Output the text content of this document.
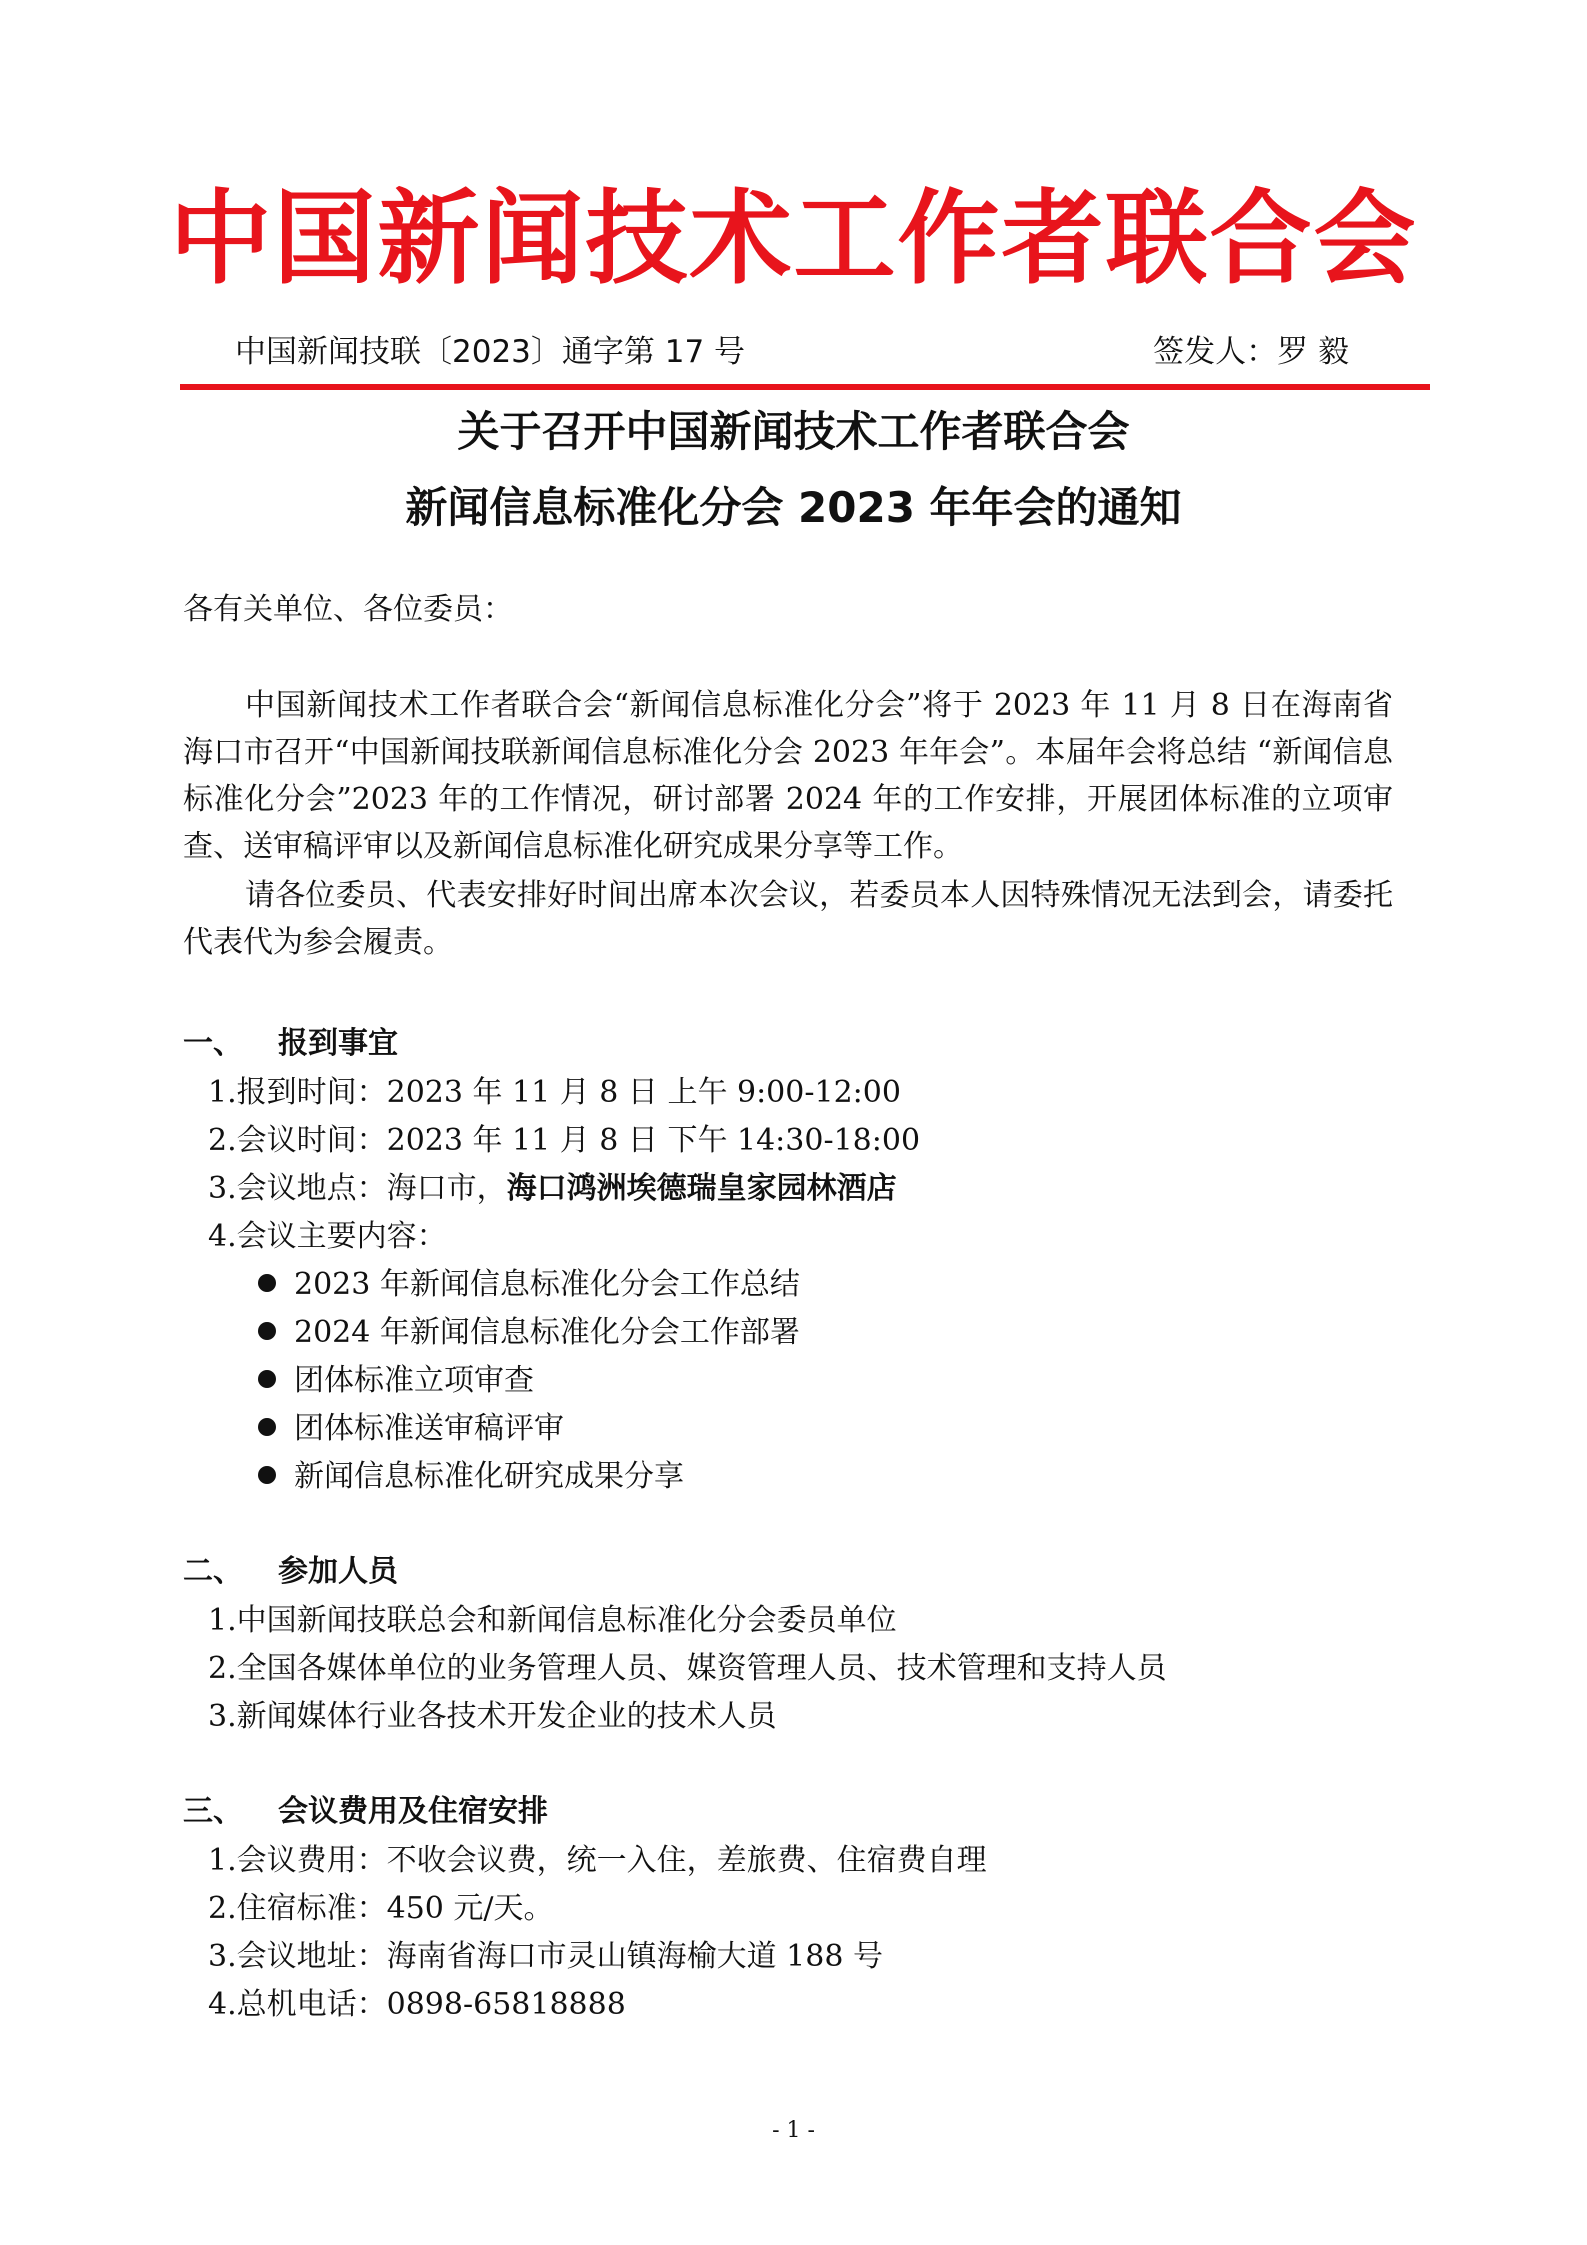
中国新闻技术工作者联合会
中国新闻技联〔2023〕通字第 17 号	签发人：罗 毅
关于召开中国新闻技术工作者联合会
新闻信息标准化分会 2023 年年会的通知
各有关单位、各位委员：

中国新闻技术工作者联合会“新闻信息标准化分会”将于 2023 年 11 月 8 日在海南省海口市召开“中国新闻技联新闻信息标准化分会 2023 年年会”。本届年会将总结 “新闻信息标准化分会”2023 年的工作情况，研讨部署 2024 年的工作安排，开展团体标准的立项审查、送审稿评审以及新闻信息标准化研究成果分享等工作。

请各位委员、代表安排好时间出席本次会议，若委员本人因特殊情况无法到会，请委托代表代为参会履责。

一、 报到事宜
1.报到时间：2023 年 11 月 8 日 上午 9:00-12:00
2.会议时间：2023 年 11 月 8 日 下午 14:30-18:00
3.会议地点：海口市，海口鸿洲埃德瑞皇家园林酒店
4.会议主要内容：
2023 年新闻信息标准化分会工作总结
2024 年新闻信息标准化分会工作部署
团体标准立项审查
团体标准送审稿评审
新闻信息标准化研究成果分享
二、 参加人员
1.中国新闻技联总会和新闻信息标准化分会委员单位
2.全国各媒体单位的业务管理人员、媒资管理人员、技术管理和支持人员
3.新闻媒体行业各技术开发企业的技术人员
三、 会议费用及住宿安排
1.会议费用：不收会议费，统一入住，差旅费、住宿费自理
2.住宿标准：450 元/天。
3.会议地址：海南省海口市灵山镇海榆大道 188 号
4.总机电话：0898-65818888
- 1 -
